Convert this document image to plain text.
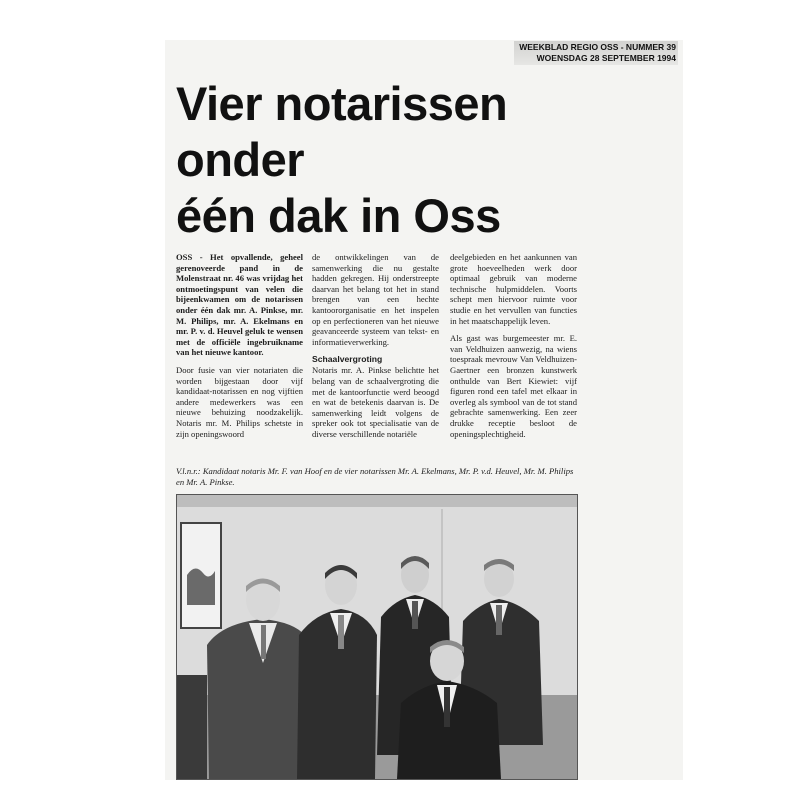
WEEKBLAD REGIO OSS - NUMMER 39
WOENSDAG 28 SEPTEMBER 1994
Vier notarissen
onder
één dak in Oss

OSS - Het opvallende, geheel gerenoveerde pand in de Molenstraat nr. 46 was vrijdag het ontmoetingspunt van velen die bijeenkwamen om de notarissen onder één dak mr. A. Pinkse, mr. M. Philips, mr. A. Ekelmans en mr. P. v. d. Heuvel geluk te wensen met de officiële ingebruikname van het nieuwe kantoor.

Door fusie van vier notariaten die worden bijgestaan door vijf kandidaat-notarissen en nog vijftien andere medewerkers was een nieuwe behuizing noodzakelijk. Notaris mr. M. Philips schetste in zijn openingswoord

de ontwikkelingen van de samenwerking die nu gestalte hadden gekregen. Hij onderstreepte daarvan het belang tot het in stand brengen van een hechte kantoororganisatie en het inspelen op en perfectioneren van het nieuwe geavanceerde systeem van tekst- en informatieverwerking.

Schaalvergroting

Notaris mr. A. Pinkse belichtte het belang van de schaalvergroting die met de kantoorfunctie werd beoogd en wat de betekenis daarvan is. De samenwerking leidt volgens de spreker ook tot specialisatie van de diverse verschillende notariële

deelgebieden en het aankunnen van grote hoeveelheden werk door optimaal gebruik van moderne technische hulpmiddelen. Voorts schept men hiervoor ruimte voor studie en het vervullen van functies in het maatschappelijk leven.

Als gast was burgemeester mr. E. van Veldhuizen aanwezig, na wiens toespraak mevrouw Van Veldhuizen-Gaertner een bronzen kunstwerk onthulde van Bert Kiewiet: vijf figuren rond een tafel met elkaar in overleg als symbool van de tot stand gebrachte samenwerking. Een zeer drukke receptie besloot de openingsplechtigheid.

V.l.n.r.: Kandidaat notaris Mr. F. van Hoof en de vier notarissen Mr. A. Ekelmans, Mr. P. v.d. Heuvel, Mr. M. Philips en Mr. A. Pinkse.
